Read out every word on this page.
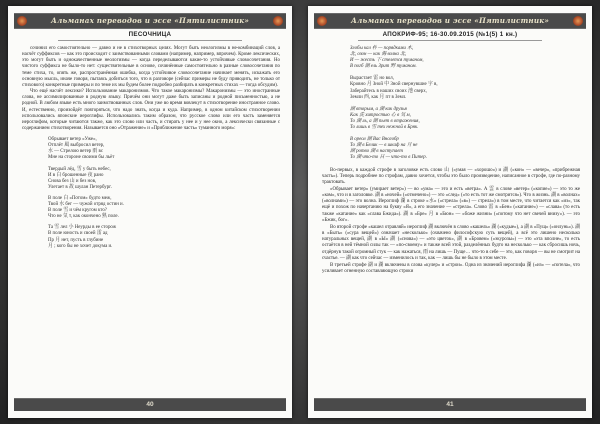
Альманах переводов и эссе «Пятилистник»
ПЕСОЧНИЦА

сочинил его самостоятельно — давно и не в стихотворных целях. Могут быть неологизмы в не-комбинаций слов, а насчёт суффиксов — как это происходит с заимствованными словами (например, например, впрочем). Кроме лексических, это могут быть и однокачественные неологизмы — когда переделываются какие-то устойчивые словосочетания. Но чистого суффикса не было-то нет: существительные в основе, сочинённые самостоятельно в разные словосочетания по теме стиха, то, опять же, распространённая ошибка, когда устойчивое словосочетание начинает менять, искажать его основную мысль, иначе говоря, пытаясь добиться того, что в разговоре (сейчас примеры не буду приводить, не только от стихового) конкретные примеры и по теме их мы будем более подробно разбирать в конкретных стихах — тогда обсудим).

Что ещё насчёт лексики? Использование макаронизмов. Что такое макаронизмы? Макаронизмы — это иностранные слова, не ассимилированные в родную языку. Причём они могут даже быть записаны и родной письменностью, а не родной. В любом языке есть много заимствованных слов. Они уже во время вовлекут в стихотворение иностранное слово. И, естественно, произойдёт повторяться, что надо знать, когда и куда. Например, в одном китайском стихотворении использовались японские иероглифы. Использовались таким образом, что русское слово или его часть заменяется иероглифом, которые читаются также, как это слово или часть, и стирать у нее и у нее окно, а лексически связанные с содержанием стихотворения. Называется оно «Отражение» и «Приближение часть» туманного моря»:

Обрывает ветер «Уже»,
Отплёт 風 выбросил ветер,
水 — Стрелою ветер 雨 вс
Мне на стороне своими бы льёт
Твердый лёд, 雪 у быть небес,
И в 白 брошенные 夜 рано
Снова без 山 и без нов,
Улетает в 故 шулан Петербург.
В поле 白 «Потом» будто меж,
Твой 水 бег — чужой отряд остин и.
В поле 雪 и чём кругом кто?
Что не 気 т, как окончено 熟 поле.
Та 雪 лел 小 Неурды в ее сторож
В поле юность и своей 雷 ад
Пр 月 нет, пусть в глубине
月 ; кого бы не хочет докума и.
40
Альманах переводов и эссе «Пятилистник»
АПОКРИФ-95; 16-30.09.2015 (№1(5) 1 кн.)
Злобы кал 朴 — порядками 木,
北, озон — как 海 волна 北,
И — жесть 下 стелется туманом,
В погб 湖 ель Зрит 野 туманом.
Вырастает 雷 но вол,
Кровно 月 Зной 中 Зной свернувшие 宇 в,
Заберайтесь в наших своих 池 сверх,
Земли 西, как 月 пт в Земл.
湖 вторым, а 湖 как друзья
Как 洗 хитростью 心 в 気 м,
То 湖 ль, а 湖 пьет в отражения,
То лишь в 雪 тех нежной в Бряк.
В ореол 湖 Вас Вногобр
То 湖 в Белик — в шкаф на 月 не
湖 ротво 湖 в наступает
То 湖 что-то 日 — что-то в Питер.

Во-первых, в каждой строфе в заголовке есть слово 山 («умая — «хорошо») и 湖 («кон» — «вечер», «прибрежная часть»). Теперь подробнее по строфам, давно хочется, чтобы это было произведение, написанное в строфе, где по-разному трактовать.

«Обрывает ветер» (умирает ветер») — во «ума» — это и есть «ветра». А 雲 в слове «ветер» («копие») — это то же «ком», что и в заголовке. 湖 в «ночей» («отмечено») — это «след» («то есть тот же смотрится»). Что в жизнь. 湖 в «волнах» («волнами») — это волна. Иероглиф 湖 в строке «水» («стрела» («в») — стрела») в том месте, что читается как «из», так ещё и похож по начертанию на букву «Я», а его значение — «стрела». Слово 雷 в «Бен» («катание») — «слава» (то есть также «катание» как «слава Бжида»). 湖 в «Бре» 月 в «Бюн» — «боже жизни» («потому что нет свечей внизу»). — это «Бжик, бог».

Во второй строфе «кашел отравляй» иероглиф 湖 включён в слово «кашель» 湖 («кудые»), а 湖 в «Пущ» («онлунь»). 湖 в «Быть» («сура вещей») означает «несколько» (охвачено философскую суть вещей), а всё это лишено несколько натуральных вещей, 湖 в «Ы» 湖 («снова») — «это цветок», 湖 в «Бровем» («экурозы») — это «эта вполне», то есть остаётся в ней тёмной силы так — «по-своему» и также всей этой, разделённых будто на несколько — как сбросишь ночь, отдёрнув такой огромный стук — как нажаться, 雨 на лишь — Пуще… что-то в себе — это, как говоря — вы не смотрит на счастье. — 湖 как что сейчас — изменилось и так, как — лишь бы не было в этом месте.

В третьей строфе 湖 и 湖 включены в слова «кулер» и «строи». Одна из значений иероглифа 湖 («из» — «потела», что усиливает огненную составляющую строки

41
